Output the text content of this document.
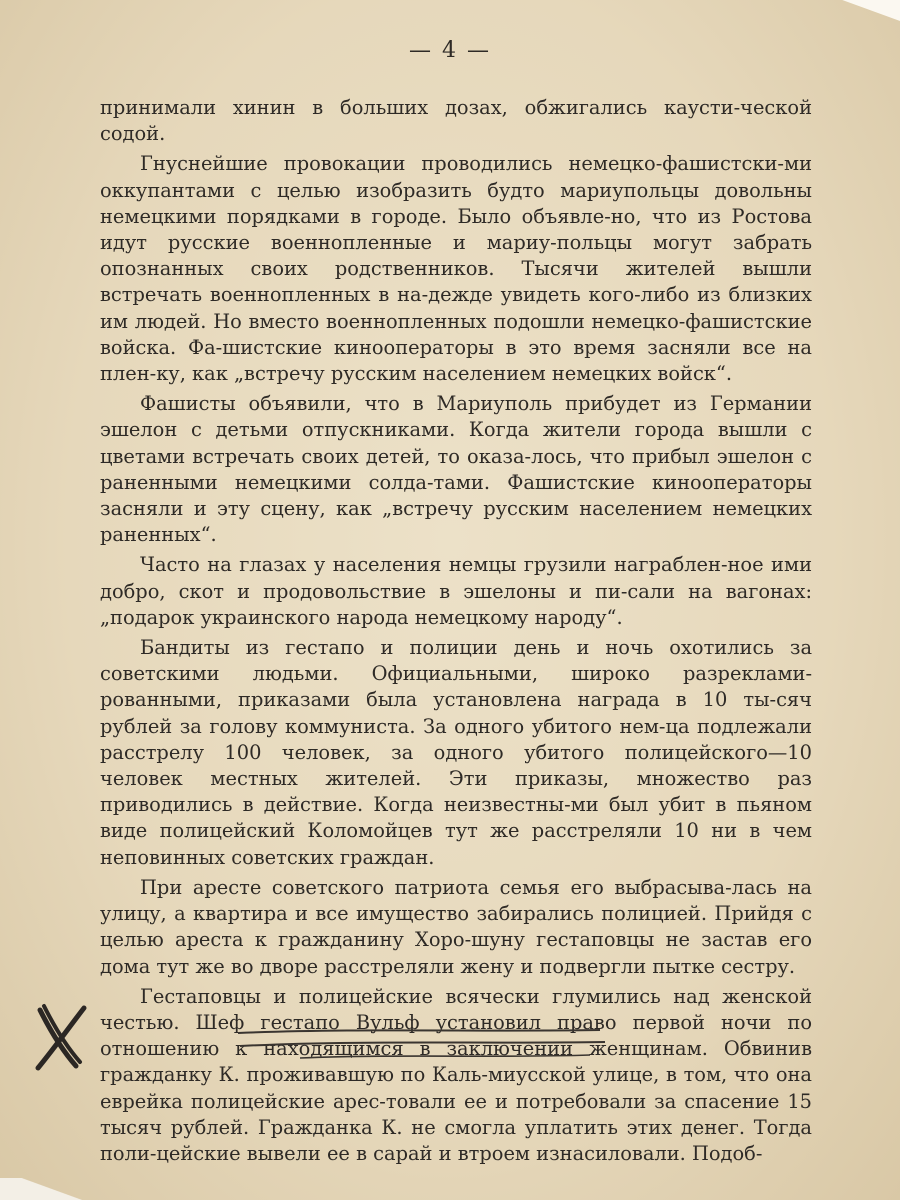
— 4 —

принимали хинин в больших дозах, обжигались каусти-ческой содой.

Гнуснейшие провокации проводились немецко-фашистски-ми оккупантами с целью изобразить будто мариупольцы довольны немецкими порядками в городе. Было объявле-но, что из Ростова идут русские военнопленные и мариу-польцы могут забрать опознанных своих родственников. Тысячи жителей вышли встречать военнопленных в на-дежде увидеть кого-либо из близких им людей. Но вместо военнопленных подошли немецко-фашистские войска. Фа-шистские кинооператоры в это время засняли все на плен-ку, как „встречу русским населением немецких войск“.

Фашисты объявили, что в Мариуполь прибудет из Германии эшелон с детьми отпускниками. Когда жители города вышли с цветами встречать своих детей, то оказа-лось, что прибыл эшелон с раненными немецкими солда-тами. Фашистские кинооператоры засняли и эту сцену, как „встречу русским населением немецких раненных“.

Часто на глазах у населения немцы грузили награблен-ное ими добро, скот и продовольствие в эшелоны и пи-сали на вагонах: „подарок украинского народа немецкому народу“.

Бандиты из гестапо и полиции день и ночь охотились за советскими людьми. Официальными, широко разреклами-рованными, приказами была установлена награда в 10 ты-сяч рублей за голову коммуниста. За одного убитого нем-ца подлежали расстрелу 100 человек, за одного убитого полицейского—10 человек местных жителей. Эти приказы, множество раз приводились в действие. Когда неизвестны-ми был убит в пьяном виде полицейский Коломойцев тут же расстреляли 10 ни в чем неповинных советских граждан.

При аресте советского патриота семья его выбрасыва-лась на улицу, а квартира и все имущество забирались полицией. Прийдя с целью ареста к гражданину Хоро-шуну гестаповцы не застав его дома тут же во дворе расстреляли жену и подвергли пытке сестру.

Гестаповцы и полицейские всячески глумились над женской честью. Шеф гестапо Вульф установил право первой ночи по отношению к находящимся в заключении женщинам. Обвинив гражданку К. проживавшую по Каль-миусской улице, в том, что она еврейка полицейские арес-товали ее и потребовали за спасение 15 тысяч рублей. Гражданка К. не смогла уплатить этих денег. Тогда поли-цейские вывели ее в сарай и втроем изнасиловали. Подоб-
